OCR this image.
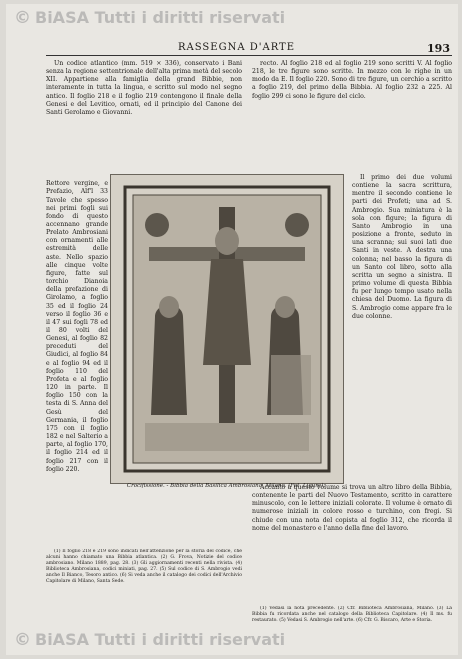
© BiASA Tutti i diritti riservati
RASSEGNA D'ARTE	193

Un codice atlantico (mm. 519 × 336), conservato i Bani senza la regione settentrionale dell'alta prima metà del secolo XII. Appartiene alla famiglia della grand Bibbie, non interamente in tutta la lingua, e scritto sul modo nel segno antico. Il foglio 218 e il foglio 219 contengono il finale della Genesi e del Levitico, ornati, ed il principio del Canone dei Santi Gerolamo e Giovanni.

Rettore vergine, e Prefazio, Alf'l 33 Tavole che spesso nei primi fogli sui fondo di questo accennano grande Prelato Ambrosiani con ornamenti alle estremità delle aste. Nello spazio alle cinque volte figure, fatte sul torchio Dianoia della prefazione di Girolamo, a foglio 35 ed il foglio 24 verso il foglio 36 e il 47 sui fogli 78 ed il 80 volti del Genesi, al foglio 82 preceduti del Giudici, al foglio 84 e al foglio 94 ed il foglio 110 del Profeta e al foglio 120 in parte. Il foglio 150 con la testa di S. Anna del Gesù del Germania, il foglio 175 con il foglio 182 e nel Salterio a parte, al foglio 170, il foglio 214 ed il foglio 217 con il foglio 220.

Crocifissione. - Bibbia della Basilica Ambrosiana, Milano. (Fot. Ligure).

(1) Il foglio 218 e 219 sono indicati nell'attenzione per la storia del codice, che alcuni hanno chiamato una Bibbia atlantica. (2) G. Frova, Notizie del codice ambrosiano. Milano 1889, pag. 28. (3) Gli aggiornamenti recenti nella rivista. (4) Biblioteca Ambrosiana, codici miniati, pag. 27. (5) Sul codice di S. Ambrogio vedi anche Il Bianco, Tesoro antico. (6) Si veda anche il catalogo dei codici dell'Archivio Capitolare di Milano, Santa Sede.

recto. Al foglio 218 ed al foglio 219 sono scritti V. Al foglio 218, le tre figure sono scritte. In mezzo con le righe in un modo da E. Il foglio 220. Sono di tre figure, un cerchio a scritto a foglio 219, del primo della Bibbia. Al foglio 232 a 225. Al foglio 299 ci sono le figure del ciclo.

Il primo dei due volumi contiene la sacra scrittura, mentre il secondo contiene le parti dei Profeti; una ad S. Ambrogio. Sua miniatura è la sola con figure; la figura di Santo Ambrogio in una posizione a fronte, seduto in una scranna; sui suoi lati due Santi in veste. A destra una colonna; nel basso la figura di un Santo col libro, sotto alla scritta un segno a sinistra. Il primo volume di questa Bibbia fu per lungo tempo usato nella chiesa del Duomo. La figura di S. Ambrogio come appare fra le due colonne.

Accanto a questo volume si trova un altro libro della Bibbia, contenente le parti del Nuovo Testamento, scritto in carattere minuscolo, con le lettere iniziali colorate. Il volume è ornato di numerose iniziali in colore rosso e turchino, con fregi. Si chiude con una nota del copista al foglio 312, che ricorda il nome del monastero e l'anno della fine del lavoro.

(1) Vedasi la nota precedente. (2) Cfr. Biblioteca Ambrosiana, Milano. (3) La Bibbia fu ricordata anche nel catalogo della Biblioteca Capitolare. (4) Il ms. fu restaurato. (5) Vedasi S. Ambrogio nell'arte. (6) Cfr. G. Biscaro, Arte e Storia.

© BiASA Tutti i diritti riservati
